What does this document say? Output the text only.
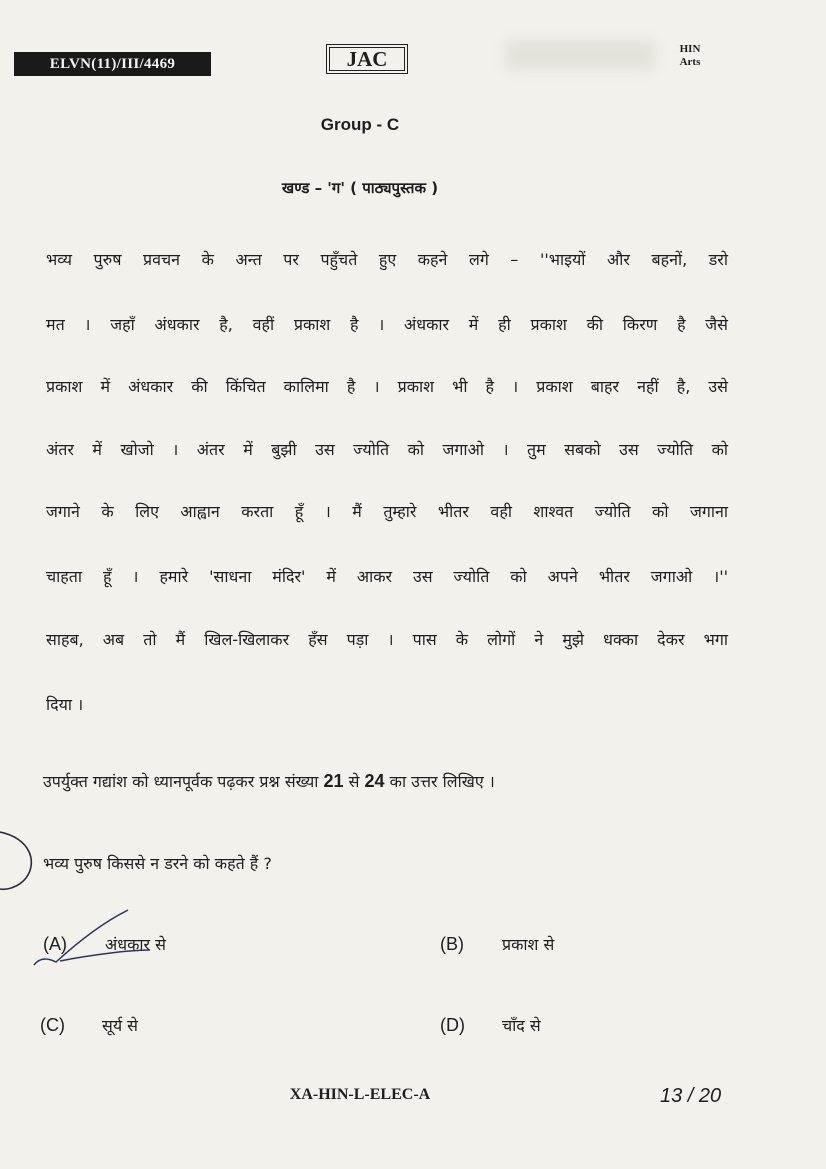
ELVN(11)/III/4469	JAC	HIN
Arts
Group - C
खण्ड – 'ग' ( पाठ्यपुस्तक )
भव्य पुरुष प्रवचन के अन्त पर पहुँचते हुए कहने लगे – ''भाइयों और बहनों, डरो
मत । जहाँ अंधकार है, वहीं प्रकाश है । अंधकार में ही प्रकाश की किरण है जैसे
प्रकाश में अंधकार की किंचित कालिमा है । प्रकाश भी है । प्रकाश बाहर नहीं है, उसे
अंतर में खोजो । अंतर में बुझी उस ज्योति को जगाओ । तुम सबको उस ज्योति को
जगाने के लिए आह्वान करता हूँ । मैं तुम्हारे भीतर वही शाश्वत ज्योति को जगाना
चाहता हूँ । हमारे 'साधना मंदिर' में आकर उस ज्योति को अपने भीतर जगाओ ।''
साहब, अब तो मैं खिल-खिलाकर हँस पड़ा । पास के लोगों ने मुझे धक्का देकर भगा
दिया ।
उपर्युक्त गद्यांश को ध्यानपूर्वक पढ़कर प्रश्न संख्या 21 से 24 का उत्तर लिखिए ।
भव्य पुरुष किससे न डरने को कहते हैं ?
(A) अंधकार से	(B) प्रकाश से
(C) सूर्य से	(D) चाँद से
XA-HIN-L-ELEC-A	13 / 20
